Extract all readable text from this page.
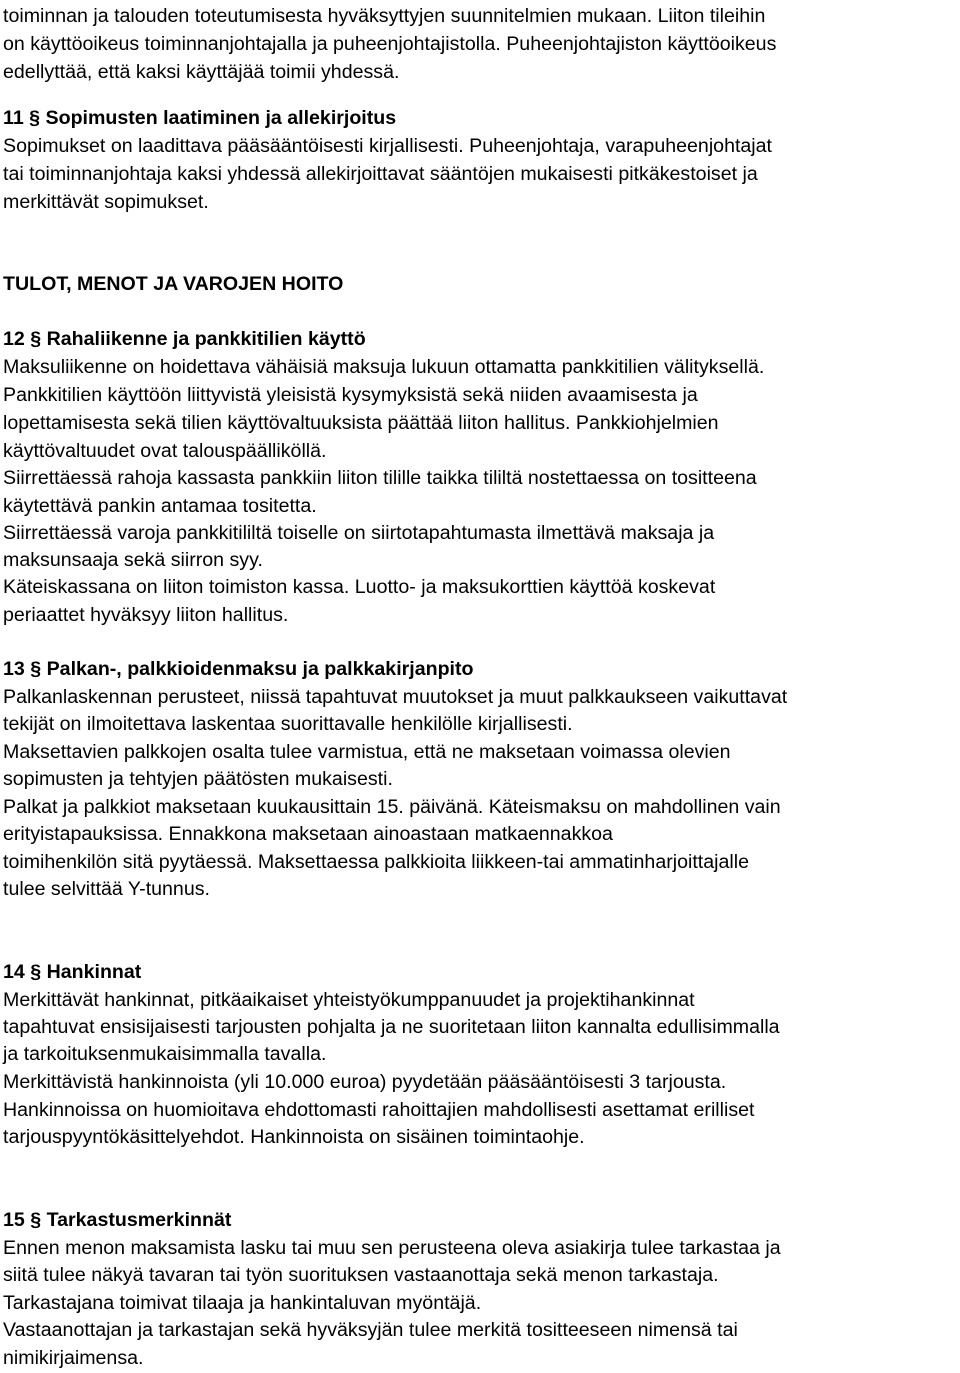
toiminnan ja talouden toteutumisesta hyväksyttyjen suunnitelmien mukaan. Liiton tileihin
on käyttöoikeus toiminnanjohtajalla ja puheenjohtajistolla. Puheenjohtajiston käyttöoikeus
edellyttää, että kaksi käyttäjää toimii yhdessä.
11 § Sopimusten laatiminen ja allekirjoitus
Sopimukset on laadittava pääsääntöisesti kirjallisesti. Puheenjohtaja, varapuheenjohtajat
tai toiminnanjohtaja kaksi yhdessä allekirjoittavat sääntöjen mukaisesti pitkäkestoiset ja
merkittävät sopimukset.
TULOT, MENOT JA VAROJEN HOITO
12 § Rahaliikenne ja pankkitilien käyttö
Maksuliikenne on hoidettava vähäisiä maksuja lukuun ottamatta pankkitilien välityksellä.
Pankkitilien käyttöön liittyvistä yleisistä kysymyksistä sekä niiden avaamisesta ja
lopettamisesta sekä tilien käyttövaltuuksista päättää liiton hallitus. Pankkiohjelmien
käyttövaltuudet ovat talouspäälliköllä.
Siirrettäessä rahoja kassasta pankkiin liiton tilille taikka tililtä nostettaessa on tositteena
käytettävä pankin antamaa tositetta.
Siirrettäessä varoja pankkitililtä toiselle on siirtotapahtumasta ilmettävä maksaja ja
maksunsaaja sekä siirron syy.
Käteiskassana on liiton toimiston kassa. Luotto- ja maksukorttien käyttöä koskevat
periaattet hyväksyy liiton hallitus.
13 § Palkan-, palkkioidenmaksu ja palkkakirjanpito
Palkanlaskennan perusteet, niissä tapahtuvat muutokset ja muut palkkaukseen vaikuttavat
tekijät on ilmoitettava laskentaa suorittavalle henkilölle kirjallisesti.
Maksettavien palkkojen osalta tulee varmistua, että ne maksetaan voimassa olevien
sopimusten ja tehtyjen päätösten mukaisesti.
Palkat ja palkkiot maksetaan kuukausittain 15. päivänä. Käteismaksu on mahdollinen vain
erityistapauksissa. Ennakkona maksetaan ainoastaan matkaennakkoa
toimihenkilön sitä pyytäessä. Maksettaessa palkkioita liikkeen-tai ammatinharjoittajalle
tulee selvittää Y-tunnus.
14 § Hankinnat
Merkittävät hankinnat, pitkäaikaiset yhteistyökumppanuudet ja projektihankinnat
tapahtuvat ensisijaisesti tarjousten pohjalta ja ne suoritetaan liiton kannalta edullisimmalla
ja tarkoituksenmukaisimmalla tavalla.
Merkittävistä hankinnoista (yli 10.000 euroa) pyydetään pääsääntöisesti 3 tarjousta.
Hankinnoissa on huomioitava ehdottomasti rahoittajien mahdollisesti asettamat erilliset
tarjouspyyntökäsittelyehdot. Hankinnoista on sisäinen toimintaohje.
15 § Tarkastusmerkinnät
Ennen menon maksamista lasku tai muu sen perusteena oleva asiakirja tulee tarkastaa ja
siitä tulee näkyä tavaran tai työn suorituksen vastaanottaja sekä menon tarkastaja.
Tarkastajana toimivat tilaaja ja hankintaluvan myöntäjä.
Vastaanottajan ja tarkastajan sekä hyväksyjän tulee merkitä tositteeseen nimensä tai
nimikirjaimensa.
